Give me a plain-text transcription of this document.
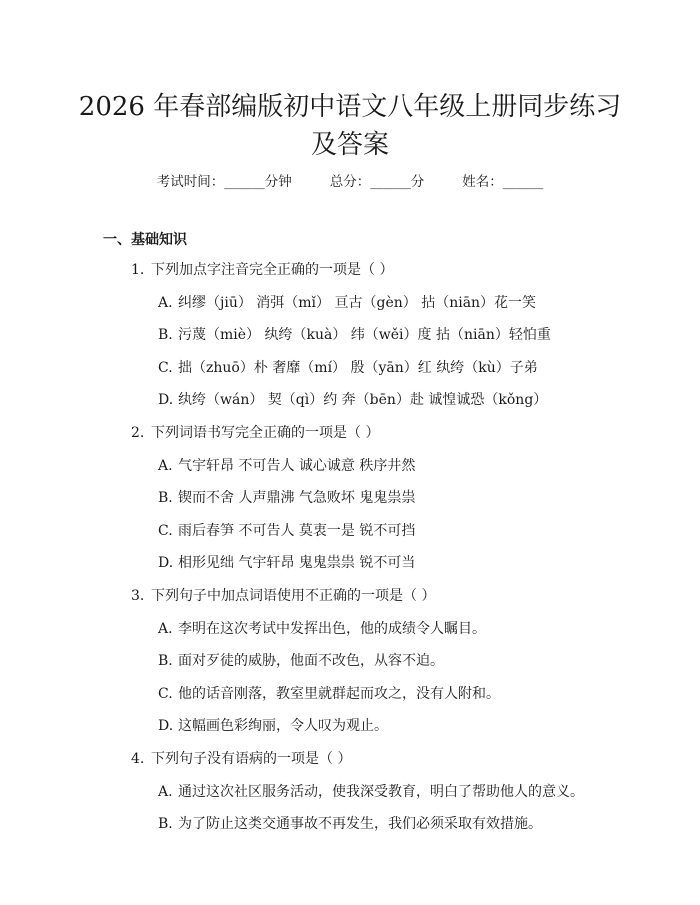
2026 年春部编版初中语文八年级上册同步练习及答案
考试时间：______分钟	总分：______分	姓名：______
一、基础知识
1. 下列加点字注音完全正确的一项是（ ）
A. 纠缪（jiū） 消弭（mǐ） 亘古（gèn） 拈（niān）花一笑
B. 污蔑（miè） 纨绔（kuà） 纬（wěi）度 拈（niān）轻怕重
C. 拙（zhuō）朴 奢靡（mí） 殷（yān）红 纨绔（kù）子弟
D. 纨绔（wán） 契（qì）约 奔（bēn）赴 诚惶诚恐（kǒng）
2. 下列词语书写完全正确的一项是（ ）
A. 气宇轩昂 不可告人 诚心诚意 秩序井然
B. 锲而不舍 人声鼎沸 气急败坏 鬼鬼祟祟
C. 雨后春笋 不可告人 莫衷一是 锐不可挡
D. 相形见绌 气宇轩昂 鬼鬼祟祟 锐不可当
3. 下列句子中加点词语使用不正确的一项是（ ）
A. 李明在这次考试中发挥出色，他的成绩令人瞩目。
B. 面对歹徒的威胁，他面不改色，从容不迫。
C. 他的话音刚落，教室里就群起而攻之，没有人附和。
D. 这幅画色彩绚丽，令人叹为观止。
4. 下列句子没有语病的一项是（ ）
A. 通过这次社区服务活动，使我深受教育，明白了帮助他人的意义。
B. 为了防止这类交通事故不再发生，我们必须采取有效措施。
